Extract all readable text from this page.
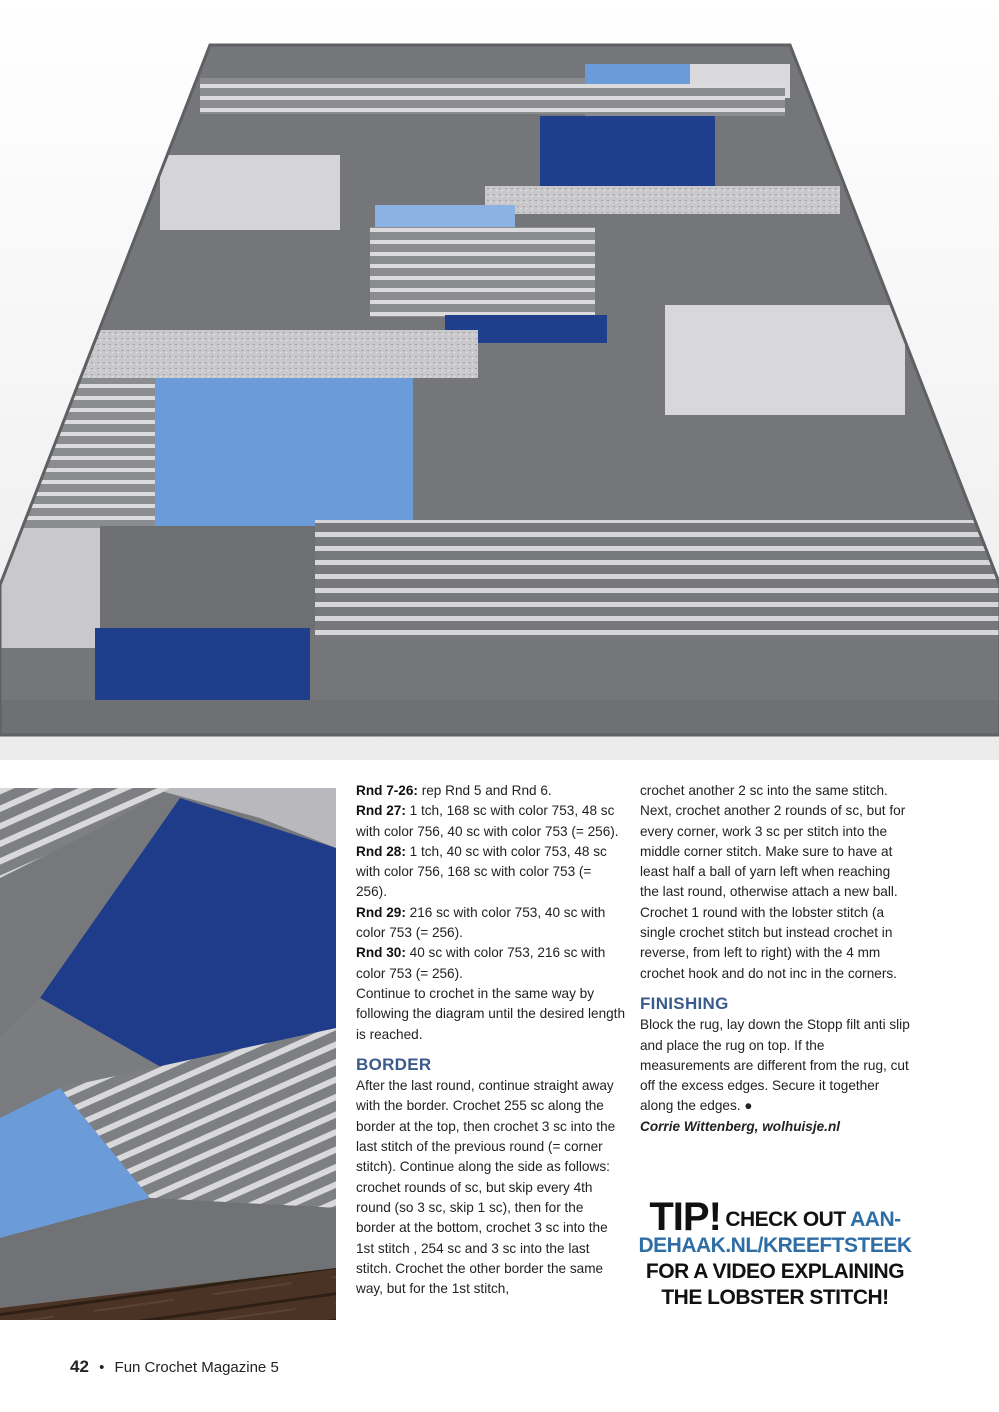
Rnd 7-26: rep Rnd 5 and Rnd 6.

Rnd 27: 1 tch, 168 sc with color 753, 48 sc with color 756, 40 sc with color 753 (= 256).

Rnd 28: 1 tch, 40 sc with color 753, 48 sc with color 756, 168 sc with color 753 (= 256).

Rnd 29: 216 sc with color 753, 40 sc with color 753 (= 256).

Rnd 30: 40 sc with color 753, 216 sc with color 753 (= 256).

Continue to crochet in the same way by following the diagram until the desired length is reached.

BORDER

After the last round, continue straight away with the border. Crochet 255 sc along the border at the top, then crochet 3 sc into the last stitch of the previous round (= corner stitch). Continue along the side as follows: crochet rounds of sc, but skip every 4th round (so 3 sc, skip 1 sc), then for the border at the bottom, crochet 3 sc into the 1st stitch , 254 sc and 3 sc into the last stitch. Crochet the other border the same way, but for the 1st stitch,

crochet another 2 sc into the same stitch. Next, crochet another 2 rounds of sc, but for every corner, work 3 sc per stitch into the middle corner stitch. Make sure to have at least half a ball of yarn left when reaching the last round, otherwise attach a new ball. Crochet 1 round with the lobster stitch (a single crochet stitch but instead crochet in reverse, from left to right) with the 4 mm crochet hook and do not inc in the corners.

FINISHING

Block the rug, lay down the Stopp filt anti slip and place the rug on top. If the measurements are different from the rug, cut off the excess edges. Secure it together along the edges. ●

Corrie Wittenberg, wolhuisje.nl

TIP! CHECK OUT AAN-DEHAAK.NL/KREEFTSTEEK FOR A VIDEO EXPLAINING THE LOBSTER STITCH!
42 • Fun Crochet Magazine 5
